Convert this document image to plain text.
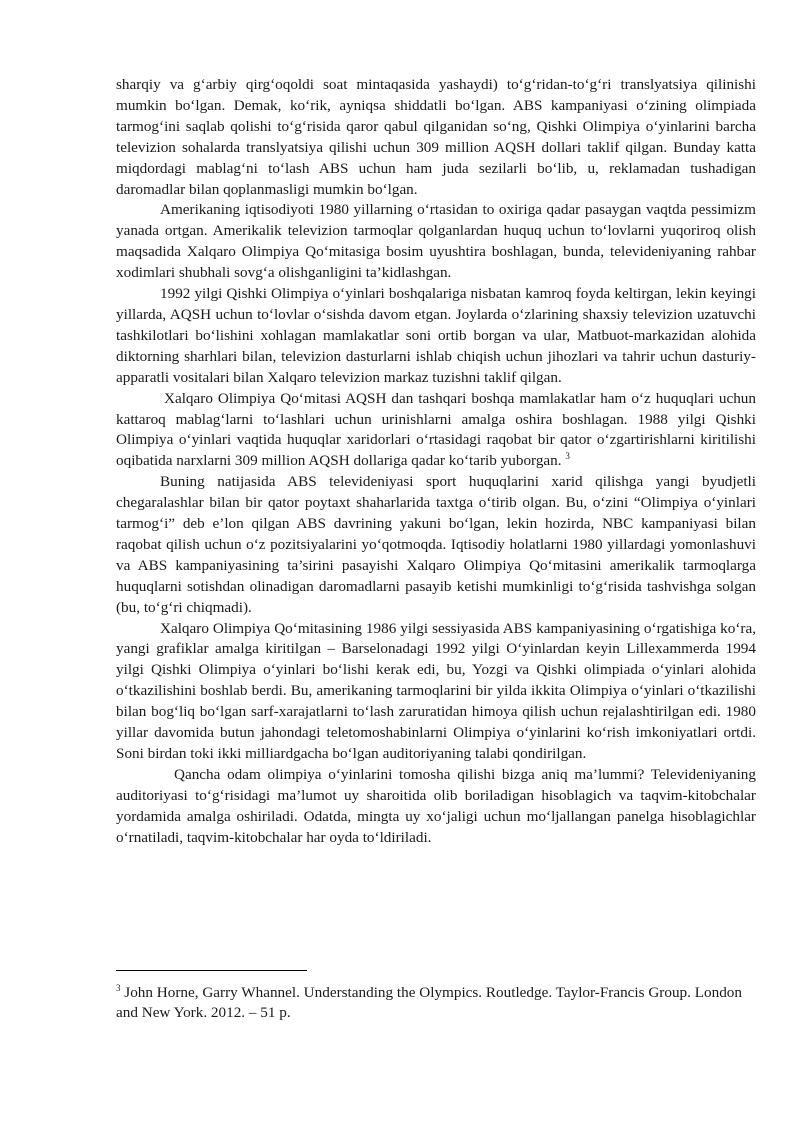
sharqiy va g‘arbiy qirg‘oqoldi soat mintaqasida yashaydi) to‘g‘ridan-to‘g‘ri translyatsiya qilinishi mumkin bo‘lgan. Demak, ko‘rik, ayniqsa shiddatli bo‘lgan. ABS kampaniyasi o‘zining olimpiada tarmog‘ini saqlab qolishi to‘g‘risida qaror qabul qilganidan so‘ng, Qishki Olimpiya o‘yinlarini barcha televizion sohalarda translyatsiya qilishi uchun 309 million AQSH dollari taklif qilgan. Bunday katta miqdordagi mablag‘ni to‘lash ABS uchun ham juda sezilarli bo‘lib, u, reklamadan tushadigan daromadlar bilan qoplanmasligi mumkin bo‘lgan.

Amerikaning iqtisodiyoti 1980 yillarning o‘rtasidan to oxiriga qadar pasaygan vaqtda pessimizm yanada ortgan. Amerikalik televizion tarmoqlar qolganlardan huquq uchun to‘lovlarni yuqoriroq olish maqsadida Xalqaro Olimpiya Qo‘mitasiga bosim uyushtira boshlagan, bunda, televideniyaning rahbar xodimlari shubhali sovg‘a olishganligini ta’kidlashgan.

1992 yilgi Qishki Olimpiya o‘yinlari boshqalariga nisbatan kamroq foyda keltirgan, lekin keyingi yillarda, AQSH uchun to‘lovlar o‘sishda davom etgan. Joylarda o‘zlarining shaxsiy televizion uzatuvchi tashkilotlari bo‘lishini xohlagan mamlakatlar soni ortib borgan va ular, Matbuot-markazidan alohida diktorning sharhlari bilan, televizion dasturlarni ishlab chiqish uchun jihozlari va tahrir uchun dasturiy-apparatli vositalari bilan Xalqaro televizion markaz tuzishni taklif qilgan.

Xalqaro Olimpiya Qo‘mitasi AQSH dan tashqari boshqa mamlakatlar ham o‘z huquqlari uchun kattaroq mablag‘larni to‘lashlari uchun urinishlarni amalga oshira boshlagan. 1988 yilgi Qishki Olimpiya o‘yinlari vaqtida huquqlar xaridorlari o‘rtasidagi raqobat bir qator o‘zgartirishlarni kiritilishi oqibatida narxlarni 309 million AQSH dollariga qadar ko‘tarib yuborgan. $^3$

Buning natijasida ABS televideniyasi sport huquqlarini xarid qilishga yangi byudjetli chegaralashlar bilan bir qator poytaxt shaharlarida taxtga o‘tirib olgan. Bu, o‘zini “Olimpiya o‘yinlari tarmog‘i” deb e’lon qilgan ABS davrining yakuni bo‘lgan, lekin hozirda, NBC kampaniyasi bilan raqobat qilish uchun o‘z pozitsiyalarini yo‘qotmoqda. Iqtisodiy holatlarni 1980 yillardagi yomonlashuvi va ABS kampaniyasining ta’sirini pasayishi Xalqaro Olimpiya Qo‘mitasini amerikalik tarmoqlarga huquqlarni sotishdan olinadigan daromadlarni pasayib ketishi mumkinligi to‘g‘risida tashvishga solgan (bu, to‘g‘ri chiqmadi).

Xalqaro Olimpiya Qo‘mitasining 1986 yilgi sessiyasida ABS kampaniyasining o‘rgatishiga ko‘ra, yangi grafiklar amalga kiritilgan – Barselonadagi 1992 yilgi O‘yinlardan keyin Lillexammerda 1994 yilgi Qishki Olimpiya o‘yinlari bo‘lishi kerak edi, bu, Yozgi va Qishki olimpiada o‘yinlari alohida o‘tkazilishini boshlab berdi. Bu, amerikaning tarmoqlarini bir yilda ikkita Olimpiya o‘yinlari o‘tkazilishi bilan bog‘liq bo‘lgan sarf-xarajatlarni to‘lash zaruratidan himoya qilish uchun rejalashtirilgan edi. 1980 yillar davomida butun jahondagi teletomoshabinlarni Olimpiya o‘yinlarini ko‘rish imkoniyatlari ortdi. Soni birdan toki ikki milliardgacha bo‘lgan auditoriyaning talabi qondirilgan.

Qancha odam olimpiya o‘yinlarini tomosha qilishi bizga aniq ma’lummi? Televideniyaning auditoriyasi to‘g‘risidagi ma’lumot uy sharoitida olib boriladigan hisoblagich va taqvim-kitobchalar yordamida amalga oshiriladi. Odatda, mingta uy xo‘jaligi uchun mo‘ljallangan panelga hisoblagichlar o‘rnatiladi, taqvim-kitobchalar har oyda to‘ldiriladi.

$^3$ John Horne, Garry Whannel. Understanding the Olympics. Routledge. Taylor-Francis Group. London and New York. 2012. – 51 p.
